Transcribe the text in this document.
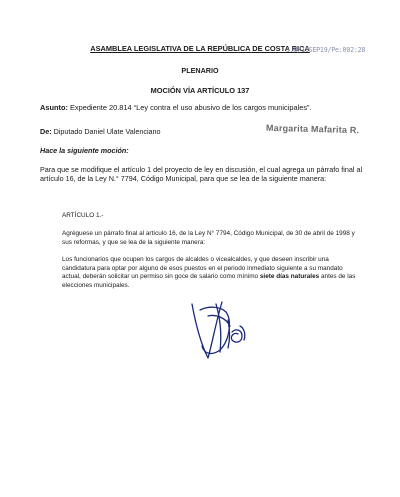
ASAMBLEA LEGISLATIVA DE LA REPÚBLICA DE COSTA RICA
5.0/19SEP19/Pe:002:28
PLENARIO
MOCIÓN VÍA ARTÍCULO 137
Asunto: Expediente 20.814 “Ley contra el uso abusivo de los cargos municipales”.
De: Diputado Daniel Ulate Valenciano	Margarita Mafarita R.
Hace la siguiente moción:
Para que se modifique el artículo 1 del proyecto de ley en discusión, el cual agrega un párrafo final al artículo 16, de la Ley N.° 7794, Código Municipal, para que se lea de la siguiente manera:
ARTÍCULO 1.-
Agréguese un párrafo final al artículo 16, de la Ley N° 7794, Código Municipal, de 30 de abril de 1998 y sus reformas, y que se lea de la siguiente manera:
Los funcionarios que ocupen los cargos de alcaldes o vicealcaldes, y que deseen inscribir una candidatura para optar por alguno de esos puestos en el periodo inmediato siguiente a su mandato actual, deberán solicitar un permiso sin goce de salario como mínimo siete días naturales antes de las elecciones municipales.
